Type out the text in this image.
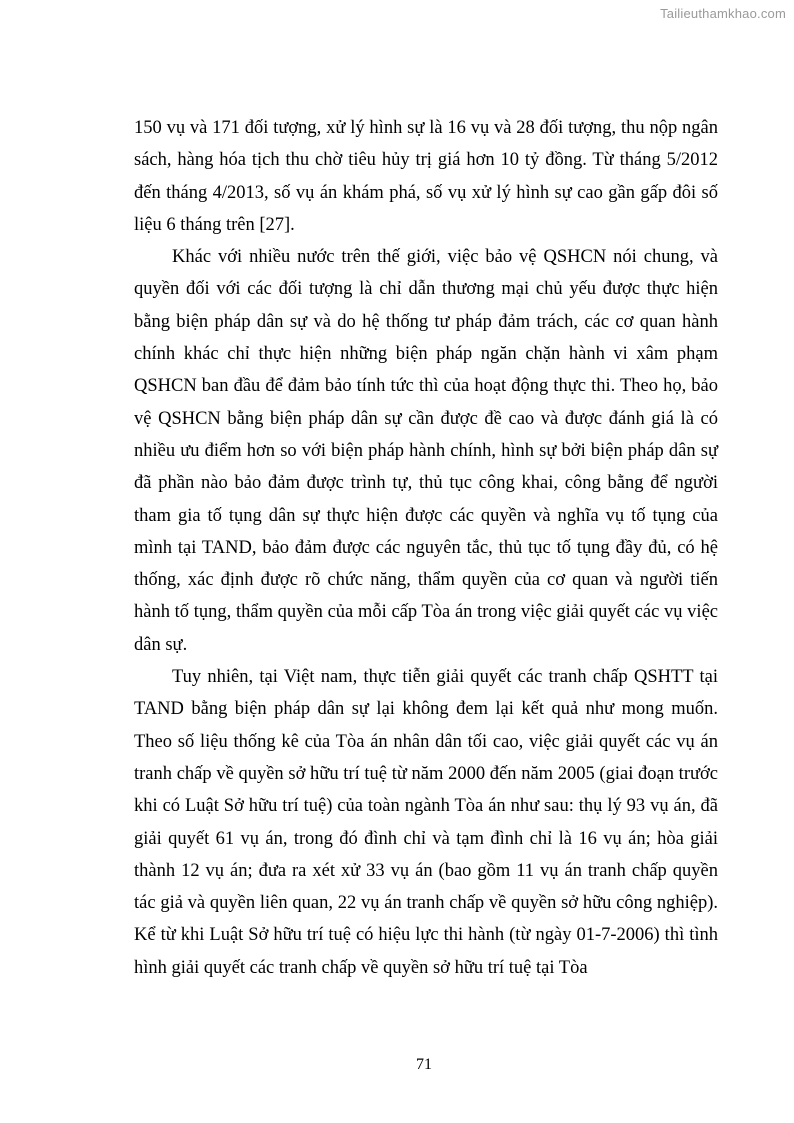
Tailieuthamkhao.com

150 vụ và 171 đối tượng, xử lý hình sự là 16 vụ và 28 đối tượng, thu nộp ngân sách, hàng hóa tịch thu chờ tiêu hủy trị giá hơn 10 tỷ đồng. Từ tháng 5/2012 đến tháng 4/2013, số vụ án khám phá, số vụ xử lý hình sự cao gần gấp đôi số liệu 6 tháng trên [27].

Khác với nhiều nước trên thế giới, việc bảo vệ QSHCN nói chung, và quyền đối với các đối tượng là chỉ dẫn thương mại chủ yếu được thực hiện bằng biện pháp dân sự và do hệ thống tư pháp đảm trách, các cơ quan hành chính khác chỉ thực hiện những biện pháp ngăn chặn hành vi xâm phạm QSHCN ban đầu để đảm bảo tính tức thì của hoạt động thực thi. Theo họ, bảo vệ QSHCN bằng biện pháp dân sự cần được đề cao và được đánh giá là có nhiều ưu điểm hơn so với biện pháp hành chính, hình sự bởi biện pháp dân sự đã phần nào bảo đảm được trình tự, thủ tục công khai, công bằng để người tham gia tố tụng dân sự thực hiện được các quyền và nghĩa vụ tố tụng của mình tại TAND, bảo đảm được các nguyên tắc, thủ tục tố tụng đầy đủ, có hệ thống, xác định được rõ chức năng, thẩm quyền của cơ quan và người tiến hành tố tụng, thẩm quyền của mỗi cấp Tòa án trong việc giải quyết các vụ việc dân sự.

Tuy nhiên, tại Việt nam, thực tiễn giải quyết các tranh chấp QSHTT tại TAND bằng biện pháp dân sự lại không đem lại kết quả như mong muốn. Theo số liệu thống kê của Tòa án nhân dân tối cao, việc giải quyết các vụ án tranh chấp về quyền sở hữu trí tuệ từ năm 2000 đến năm 2005 (giai đoạn trước khi có Luật Sở hữu trí tuệ) của toàn ngành Tòa án như sau: thụ lý 93 vụ án, đã giải quyết 61 vụ án, trong đó đình chỉ và tạm đình chỉ là 16 vụ án; hòa giải thành 12 vụ án; đưa ra xét xử 33 vụ án (bao gồm 11 vụ án tranh chấp quyền tác giả và quyền liên quan, 22 vụ án tranh chấp về quyền sở hữu công nghiệp). Kể từ khi Luật Sở hữu trí tuệ có hiệu lực thi hành (từ ngày 01-7-2006) thì tình hình giải quyết các tranh chấp về quyền sở hữu trí tuệ tại Tòa

71
